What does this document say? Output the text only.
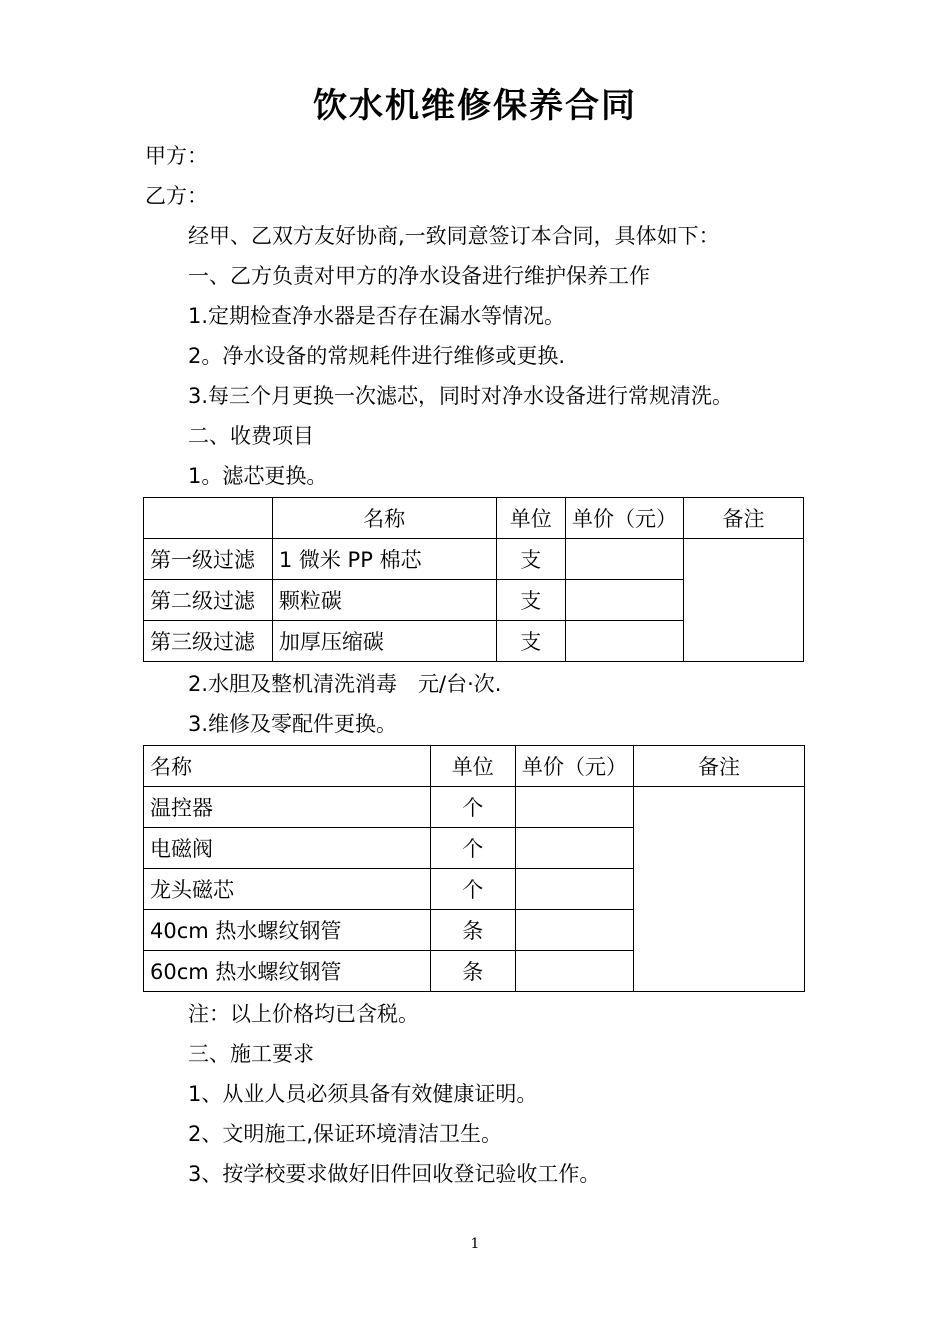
饮水机维修保养合同
甲方：
乙方：
经甲、乙双方友好协商,一致同意签订本合同，具体如下：
一、乙方负责对甲方的净水设备进行维护保养工作
1.定期检查净水器是否存在漏水等情况。
2。净水设备的常规耗件进行维修或更换.
3.每三个月更换一次滤芯，同时对净水设备进行常规清洗。
二、收费项目
1。滤芯更换。
	名称	单位	单价（元）	备注
第一级过滤	1 微米 PP 棉芯	支		
第二级过滤	颗粒碳	支		
第三级过滤	加厚压缩碳	支		
2.水胆及整机清洗消毒　元/台·次.
3.维修及零配件更换。
名称	单位	单价（元）	备注
温控器	个		
电磁阀	个		
龙头磁芯	个		
40cm 热水螺纹钢管	条		
60cm 热水螺纹钢管	条		
注：以上价格均已含税。
三、施工要求
1、从业人员必须具备有效健康证明。
2、文明施工,保证环境清洁卫生。
3、按学校要求做好旧件回收登记验收工作。
1
